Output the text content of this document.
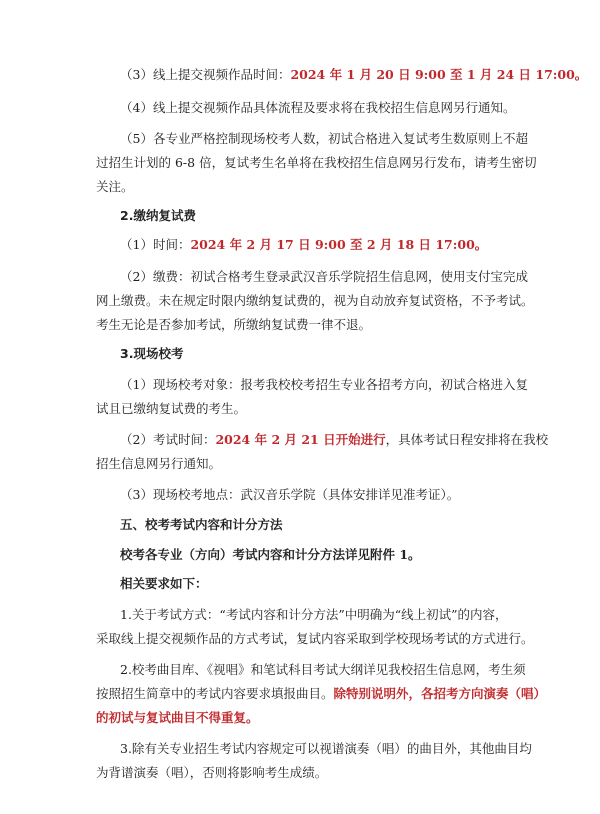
（3）线上提交视频作品时间：2024 年 1 月 20 日 9:00 至 1 月 24 日 17:00。
（4）线上提交视频作品具体流程及要求将在我校招生信息网另行通知。
（5）各专业严格控制现场校考人数，初试合格进入复试考生数原则上不超
过招生计划的 6-8 倍，复试考生名单将在我校招生信息网另行发布，请考生密切
关注。
2.缴纳复试费
（1）时间：2024 年 2 月 17 日 9:00 至 2 月 18 日 17:00。
（2）缴费：初试合格考生登录武汉音乐学院招生信息网，使用支付宝完成
网上缴费。未在规定时限内缴纳复试费的，视为自动放弃复试资格，不予考试。
考生无论是否参加考试，所缴纳复试费一律不退。
3.现场校考
（1）现场校考对象：报考我校校考招生专业各招考方向，初试合格进入复
试且已缴纳复试费的考生。
（2）考试时间：2024 年 2 月 21 日开始进行，具体考试日程安排将在我校
招生信息网另行通知。
（3）现场校考地点：武汉音乐学院（具体安排详见准考证）。
五、校考考试内容和计分方法
校考各专业（方向）考试内容和计分方法详见附件 1。
相关要求如下：
1.关于考试方式：“考试内容和计分方法”中明确为“线上初试”的内容，
采取线上提交视频作品的方式考试，复试内容采取到学校现场考试的方式进行。
2.校考曲目库、《视唱》和笔试科目考试大纲详见我校招生信息网，考生须
按照招生简章中的考试内容要求填报曲目。除特别说明外，各招考方向演奏（唱）
的初试与复试曲目不得重复。
3.除有关专业招生考试内容规定可以视谱演奏（唱）的曲目外，其他曲目均
为背谱演奏（唱），否则将影响考生成绩。
